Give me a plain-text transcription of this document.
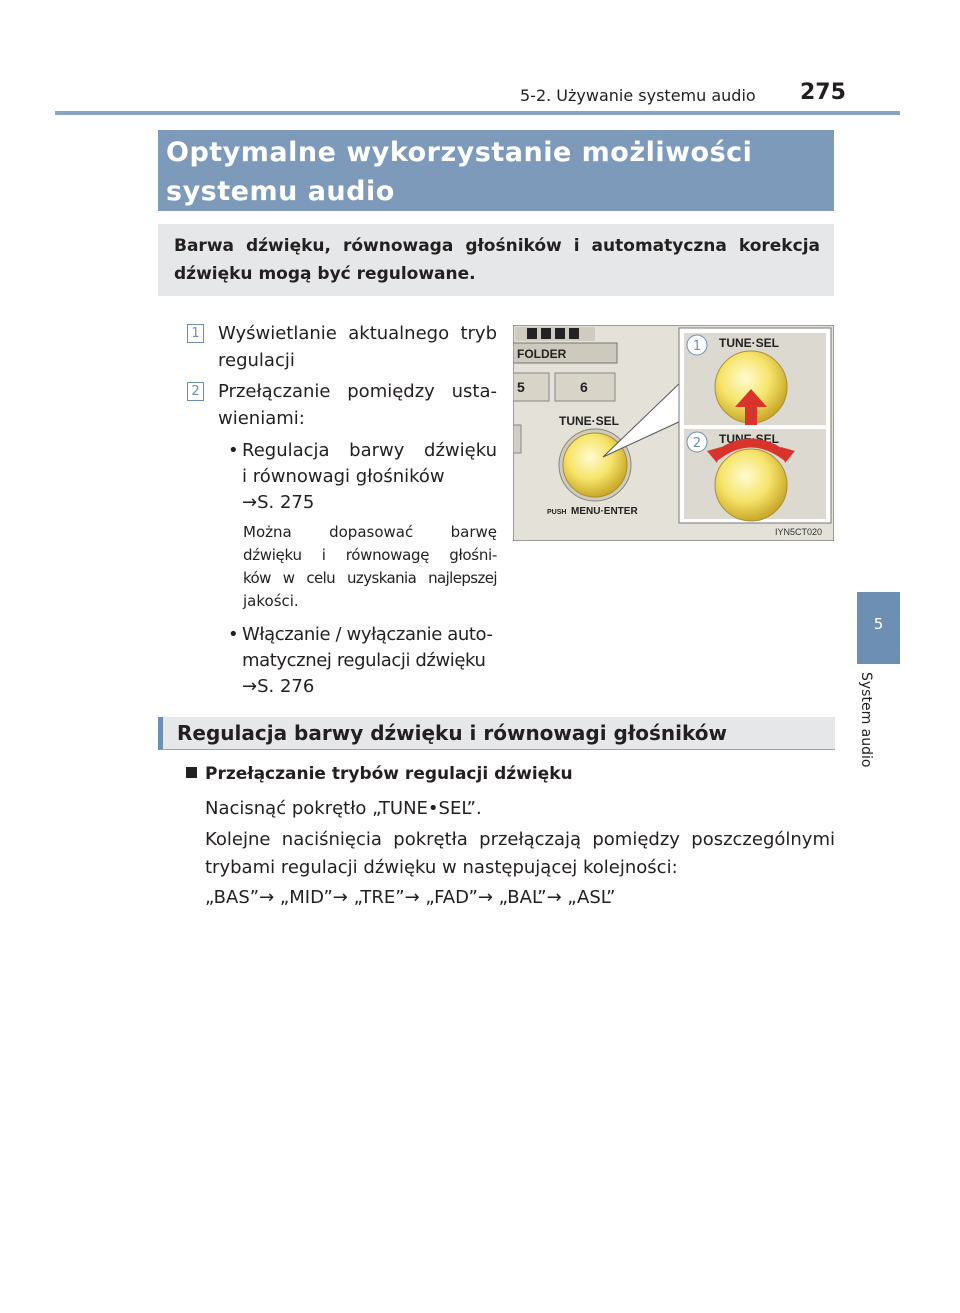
5-2. Używanie systemu audio 275
5
System audio
Optymalne wykorzystanie możliwości
systemu audio
Barwa dźwięku, równowaga głośników i automatyczna korekcja dźwięku mogą być regulowane.
1 Wyświetlanie aktualnego tryb
regulacji
2 Przełączanie pomiędzy usta-
wieniami:
• Regulacja barwy dźwięku
i równowagi głośników
→S. 275
Można dopasować barwę
dźwięku i równowagę głośni-
ków w celu uzyskania najlepszej
jakości.
• Włączanie / wyłączanie auto-
matycznej regulacji dźwięku
→S. 276
FOLDER
5	6
TUNE·SEL
PUSH MENU·ENTER
1 TUNE·SEL
2 TUNE·SEL
IYN5CT020
Regulacja barwy dźwięku i równowagi głośników
Przełączanie trybów regulacji dźwięku
Nacisnąć pokrętło „TUNE•SEL”.
Kolejne naciśnięcia pokrętła przełączają pomiędzy poszczególnymi
trybami regulacji dźwięku w następującej kolejności:
„BAS”→ „MID”→ „TRE”→ „FAD”→ „BAL”→ „ASL”
